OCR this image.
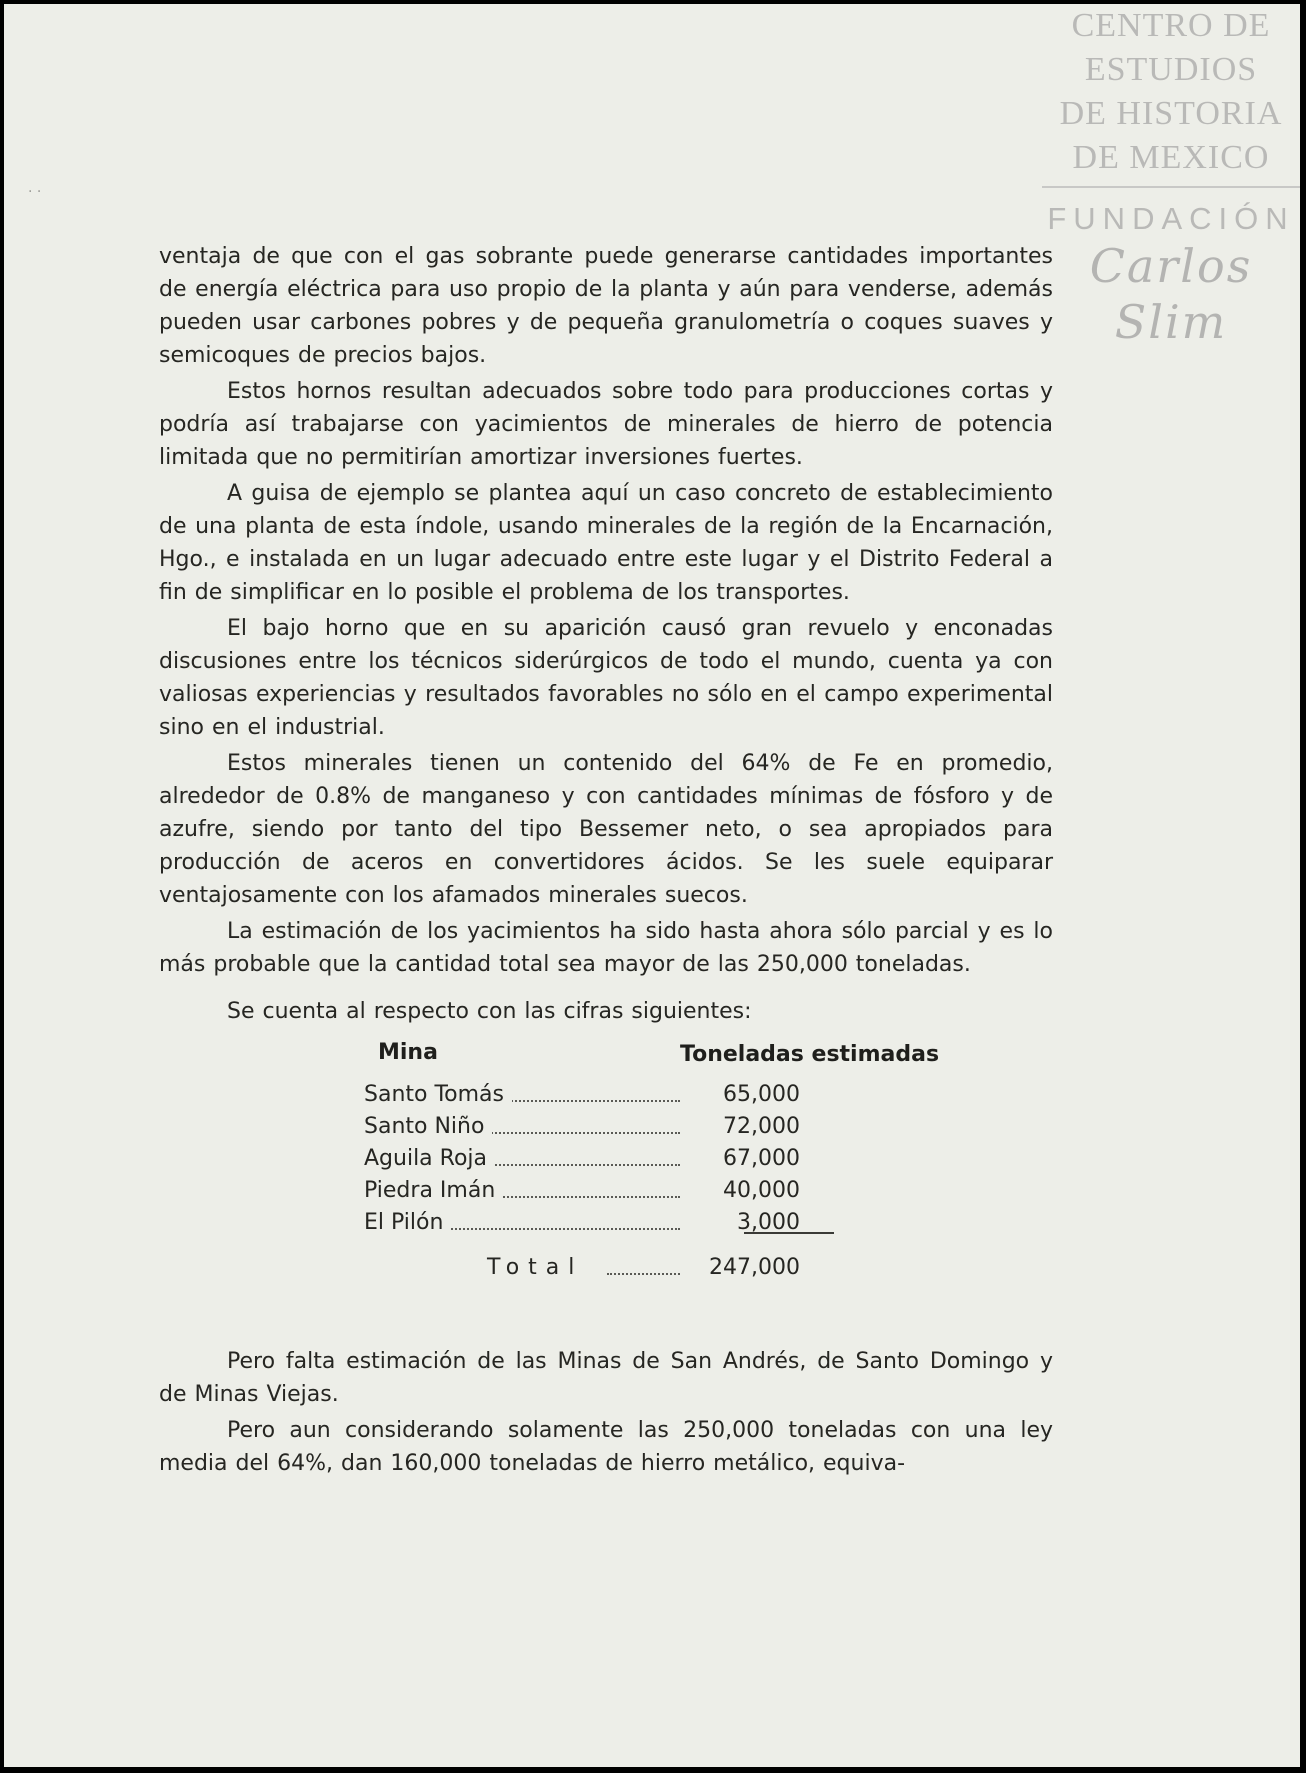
· ·
CENTRO DE
ESTUDIOS
DE HISTORIA
DE MEXICO
FUNDACIÓN
Carlos Slim

ventaja de que con el gas sobrante puede generarse cantidades importantes de energía eléctrica para uso propio de la planta y aún para venderse, además pueden usar carbones pobres y de pequeña granulometría o coques suaves y semicoques de precios bajos.

Estos hornos resultan adecuados sobre todo para producciones cortas y podría así trabajarse con yacimientos de minerales de hierro de potencia limitada que no permitirían amortizar inversiones fuertes.

A guisa de ejemplo se plantea aquí un caso concreto de establecimiento de una planta de esta índole, usando minerales de la región de la Encarnación, Hgo., e instalada en un lugar adecuado entre este lugar y el Distrito Federal a fin de simplificar en lo posible el problema de los transportes.

El bajo horno que en su aparición causó gran revuelo y enconadas discusiones entre los técnicos siderúrgicos de todo el mundo, cuenta ya con valiosas experiencias y resultados favorables no sólo en el campo experimental sino en el industrial.

Estos minerales tienen un contenido del 64% de Fe en promedio, alrededor de 0.8% de manganeso y con cantidades mínimas de fósforo y de azufre, siendo por tanto del tipo Bessemer neto, o sea apropiados para producción de aceros en convertidores ácidos. Se les suele equiparar ventajosamente con los afamados minerales suecos.

La estimación de los yacimientos ha sido hasta ahora sólo parcial y es lo más probable que la cantidad total sea mayor de las 250,000 toneladas.

Se cuenta al respecto con las cifras siguientes:

Mina	Toneladas estimadas
Santo Tomás	65,000
Santo Niño	72,000
Aguila Roja	67,000
Piedra Imán	40,000
El Pilón	3,000
Total	247,000

Pero falta estimación de las Minas de San Andrés, de Santo Domingo y de Minas Viejas.

Pero aun considerando solamente las 250,000 toneladas con una ley media del 64%, dan 160,000 toneladas de hierro metálico, equiva-
